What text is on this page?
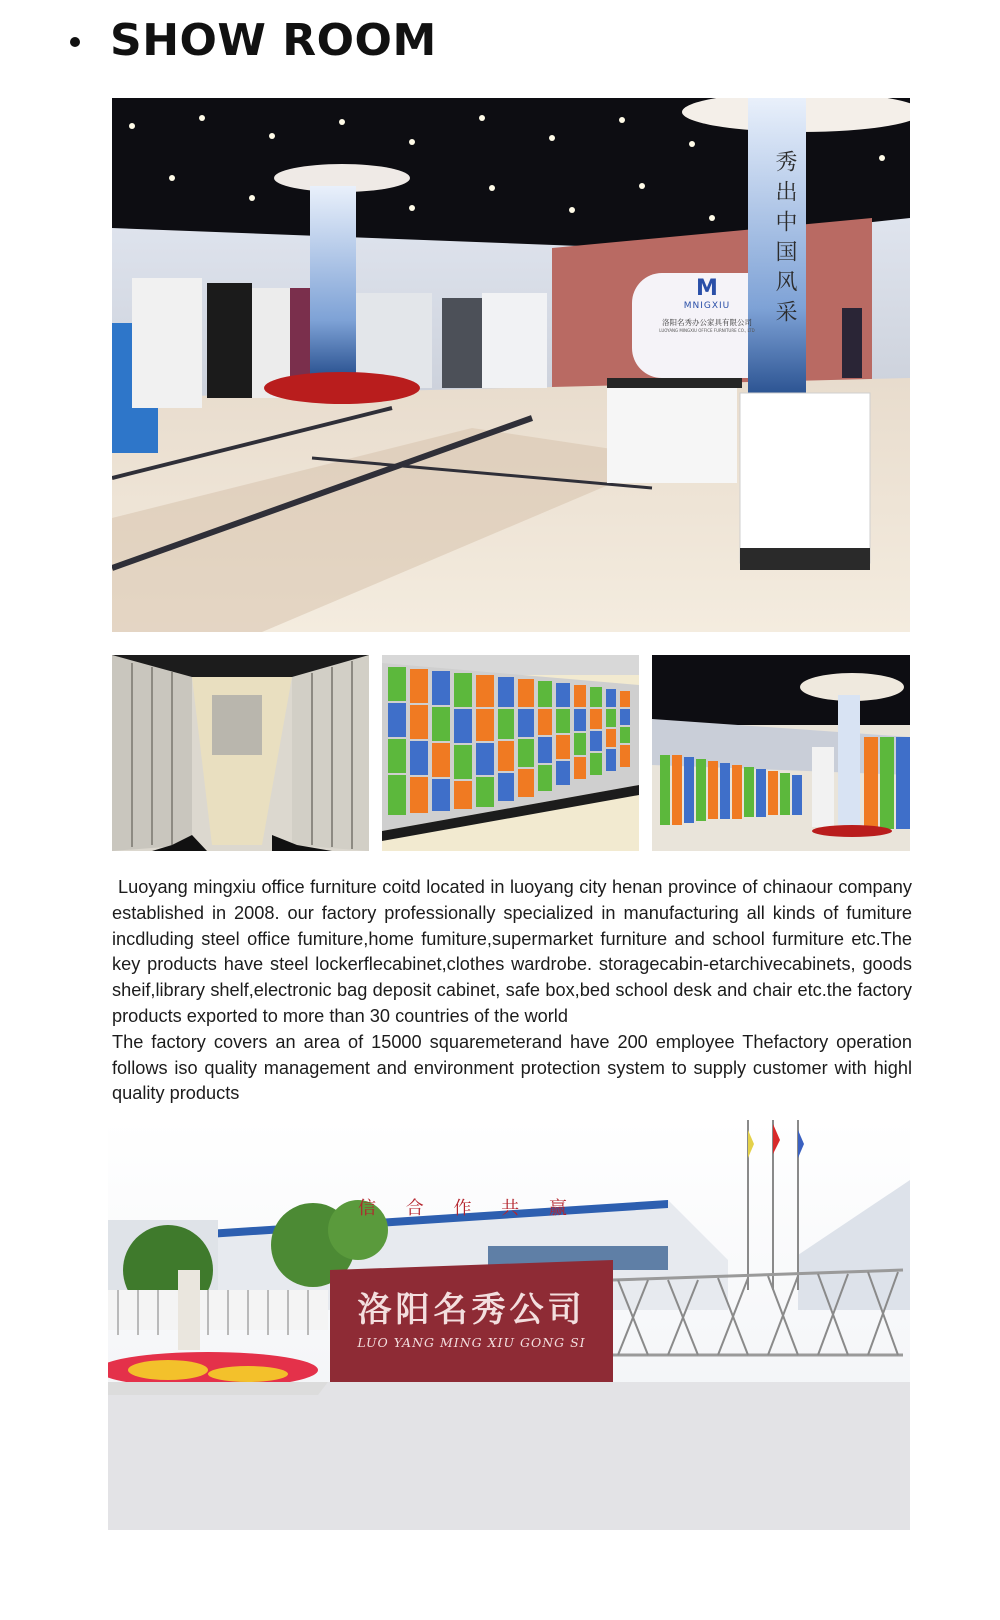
SHOW ROOM
秀出中国风采
M
MNIGXIU
洛阳名秀办公家具有限公司
LUOYANG MINGXIU OFFICE FURNITURE CO., LTD
信 合 作 共 赢
洛阳名秀公司
LUO YANG MING XIU GONG SI

Luoyang mingxiu office furniture coitd located in luoyang city henan province of chinaour company established in 2008. our factory professionally specialized in manufacturing all kinds of fumiture incdluding steel office fumiture,home fumiture,supermarket furniture and school furmiture etc.The key products have steel lockerflecabinet,clothes wardrobe. storagecabin-etarchivecabinets, goods sheif,library shelf,electronic bag deposit cabinet, safe box,bed school desk and chair etc.the factory products exported to more than 30 countries of the world

The factory covers an area of 15000 squaremeterand have 200 employee Thefactory operation follows iso quality management and environment protection system to supply customer with highl quality products
